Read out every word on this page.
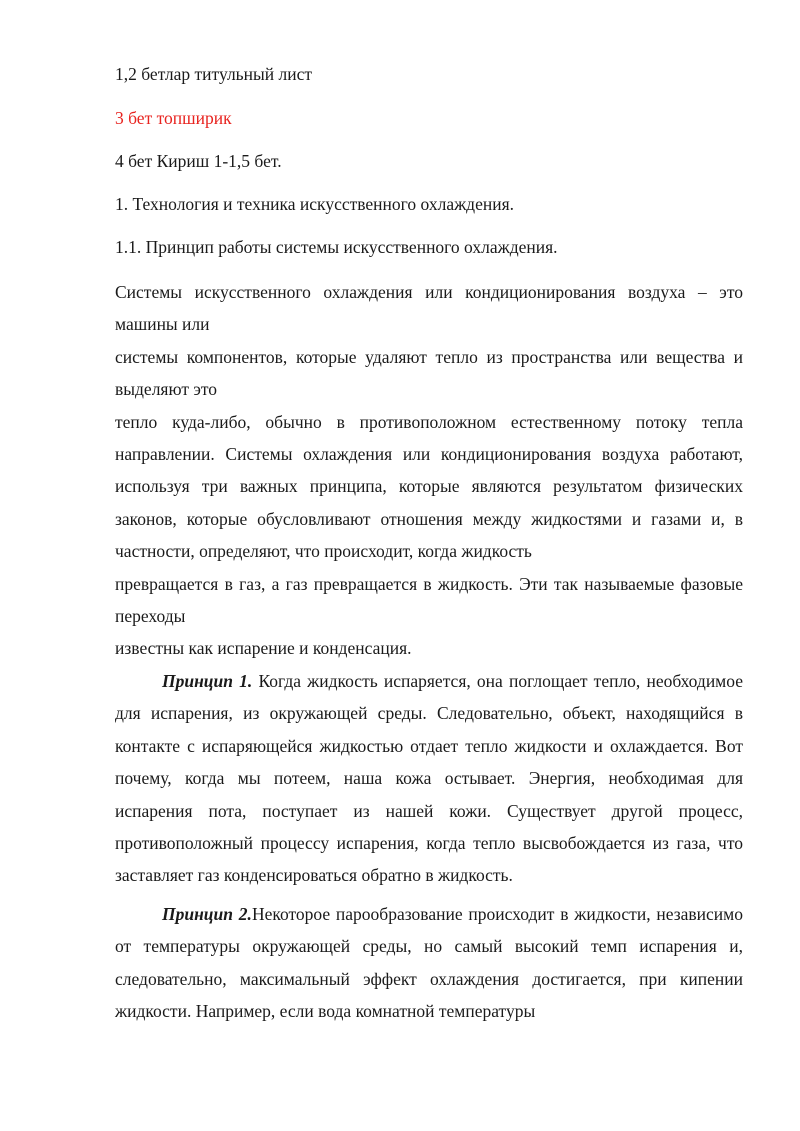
1,2 бетлар титульный лист

3 бет топширик

4 бет Кириш 1-1,5 бет.

1. Технология и техника искусственного охлаждения.

1.1. Принцип работы системы искусственного охлаждения.

Системы искусственного охлаждения или кондиционирования воздуха – это машины или

системы компонентов, которые удаляют тепло из пространства или вещества и выделяют это

тепло куда-либо, обычно в противоположном естественному потоку тепла направлении. Системы охлаждения или кондиционирования воздуха работают, используя три важных принципа, которые являются результатом физических законов, которые обусловливают отношения между жидкостями и газами и, в частности, определяют, что происходит, когда жидкость

превращается в газ, а газ превращается в жидкость. Эти так называемые фазовые переходы

известны как испарение и конденсация.

Принцип 1. Когда жидкость испаряется, она поглощает тепло, необходимое для испарения, из окружающей среды. Следовательно, объект, находящийся в контакте с испаряющейся жидкостью отдает тепло жидкости и охлаждается. Вот почему, когда мы потеем, наша кожа остывает. Энергия, необходимая для испарения пота, поступает из нашей кожи. Существует другой процесс, противоположный процессу испарения, когда тепло высвобождается из газа, что заставляет газ конденсироваться обратно в жидкость.

Принцип 2.Некоторое парообразование происходит в жидкости, независимо от температуры окружающей среды, но самый высокий темп испарения и, следовательно, максимальный эффект охлаждения достигается, при кипении жидкости. Например, если вода комнатной температуры
